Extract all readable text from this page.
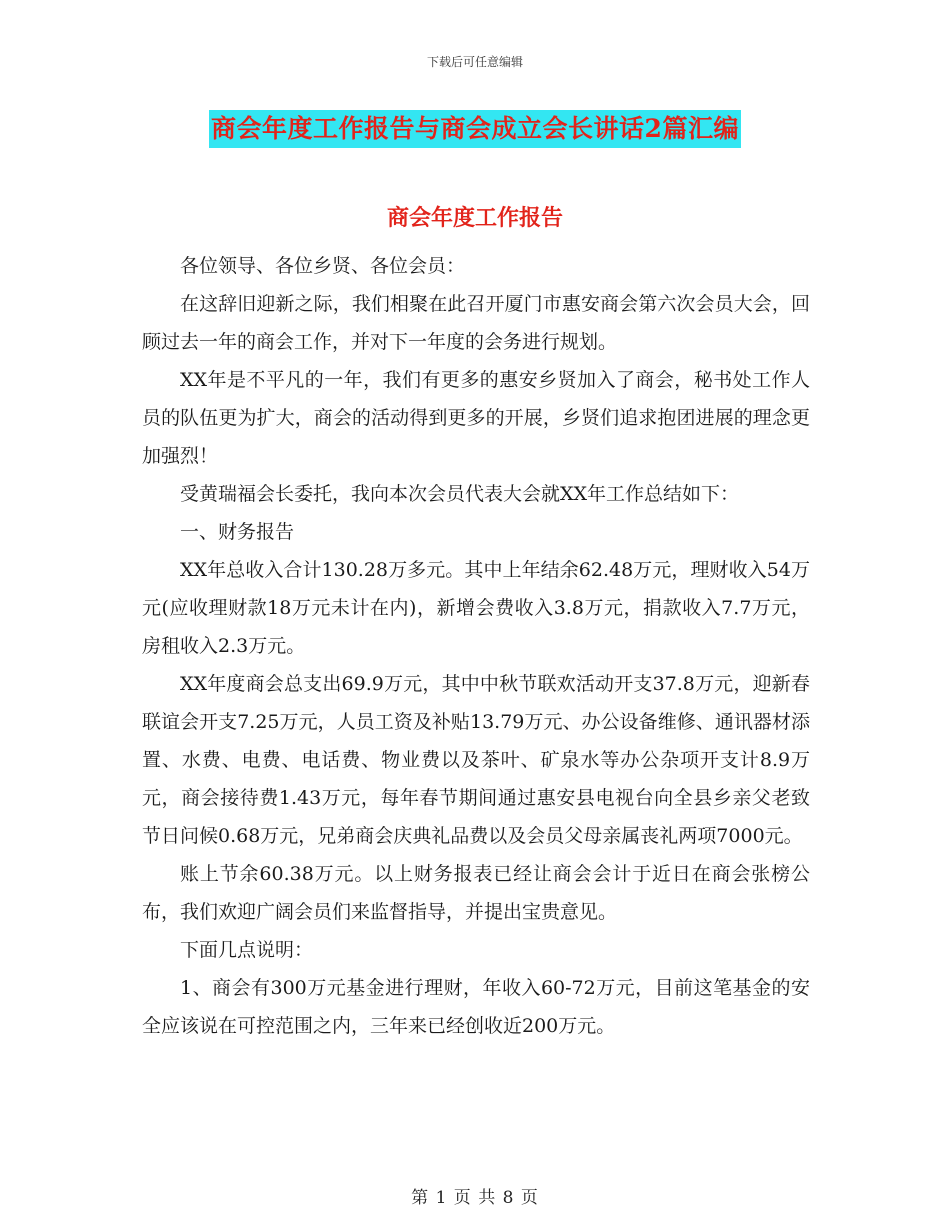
下载后可任意编辑
商会年度工作报告与商会成立会长讲话2篇汇编
商会年度工作报告

各位领导、各位乡贤、各位会员：

在这辞旧迎新之际，我们相聚在此召开厦门市惠安商会第六次会员大会，回顾过去一年的商会工作，并对下一年度的会务进行规划。

XX年是不平凡的一年，我们有更多的惠安乡贤加入了商会，秘书处工作人员的队伍更为扩大，商会的活动得到更多的开展，乡贤们追求抱团进展的理念更加强烈！

受黄瑞福会长委托，我向本次会员代表大会就XX年工作总结如下：

一、财务报告

XX年总收入合计130.28万多元。其中上年结余62.48万元，理财收入54万元(应收理财款18万元未计在内)，新增会费收入3.8万元，捐款收入7.7万元，房租收入2.3万元。

XX年度商会总支出69.9万元，其中中秋节联欢活动开支37.8万元，迎新春联谊会开支7.25万元，人员工资及补贴13.79万元、办公设备维修、通讯器材添置、水费、电费、电话费、物业费以及茶叶、矿泉水等办公杂项开支计8.9万元，商会接待费1.43万元，每年春节期间通过惠安县电视台向全县乡亲父老致节日问候0.68万元，兄弟商会庆典礼品费以及会员父母亲属丧礼两项7000元。

账上节余60.38万元。以上财务报表已经让商会会计于近日在商会张榜公布，我们欢迎广阔会员们来监督指导，并提出宝贵意见。

下面几点说明：

1、商会有300万元基金进行理财，年收入60-72万元，目前这笔基金的安全应该说在可控范围之内，三年来已经创收近200万元。

第 1 页 共 8 页
